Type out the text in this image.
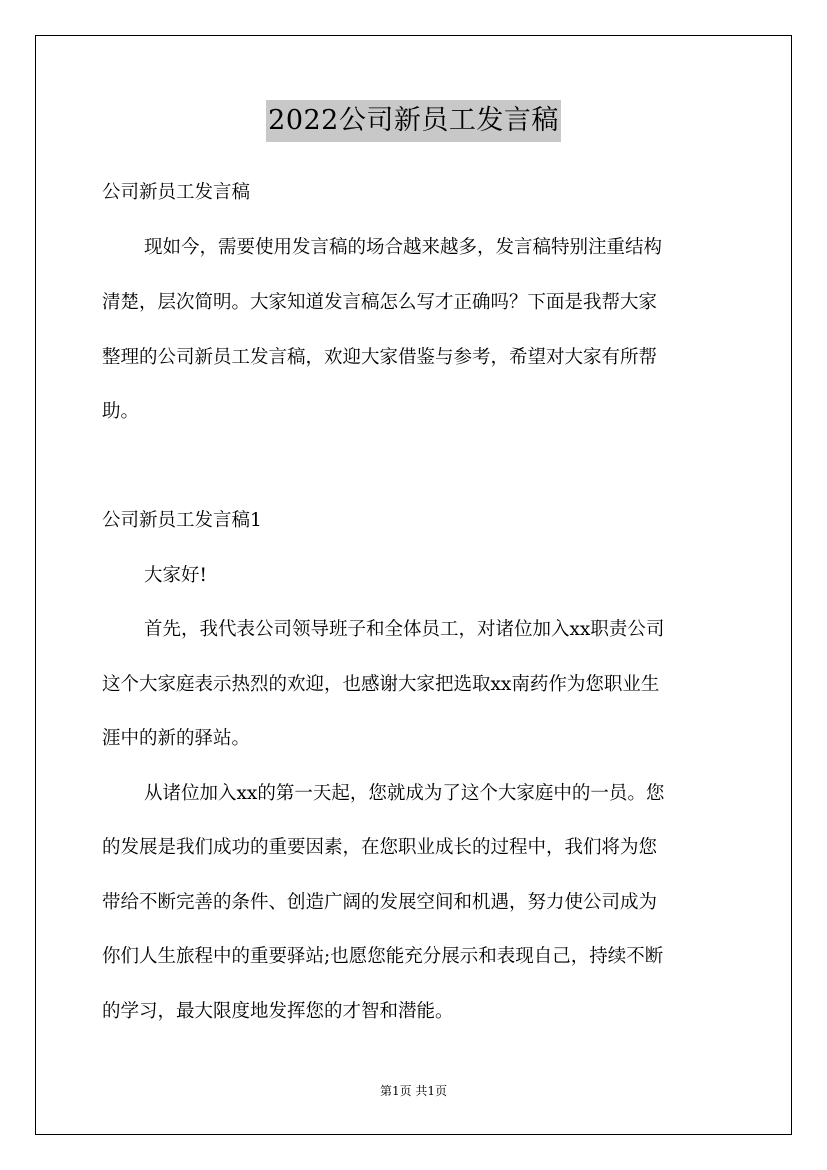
2022公司新员工发言稿
公司新员工发言稿
现如今，需要使用发言稿的场合越来越多，发言稿特别注重结构
清楚，层次简明。大家知道发言稿怎么写才正确吗？下面是我帮大家
整理的公司新员工发言稿，欢迎大家借鉴与参考，希望对大家有所帮
助。
公司新员工发言稿1
大家好!
首先，我代表公司领导班子和全体员工，对诸位加入xx职责公司
这个大家庭表示热烈的欢迎，也感谢大家把选取xx南药作为您职业生
涯中的新的驿站。
从诸位加入xx的第一天起，您就成为了这个大家庭中的一员。您
的发展是我们成功的重要因素，在您职业成长的过程中，我们将为您
带给不断完善的条件、创造广阔的发展空间和机遇，努力使公司成为
你们人生旅程中的重要驿站;也愿您能充分展示和表现自己，持续不断
的学习，最大限度地发挥您的才智和潜能。
第1页 共1页
